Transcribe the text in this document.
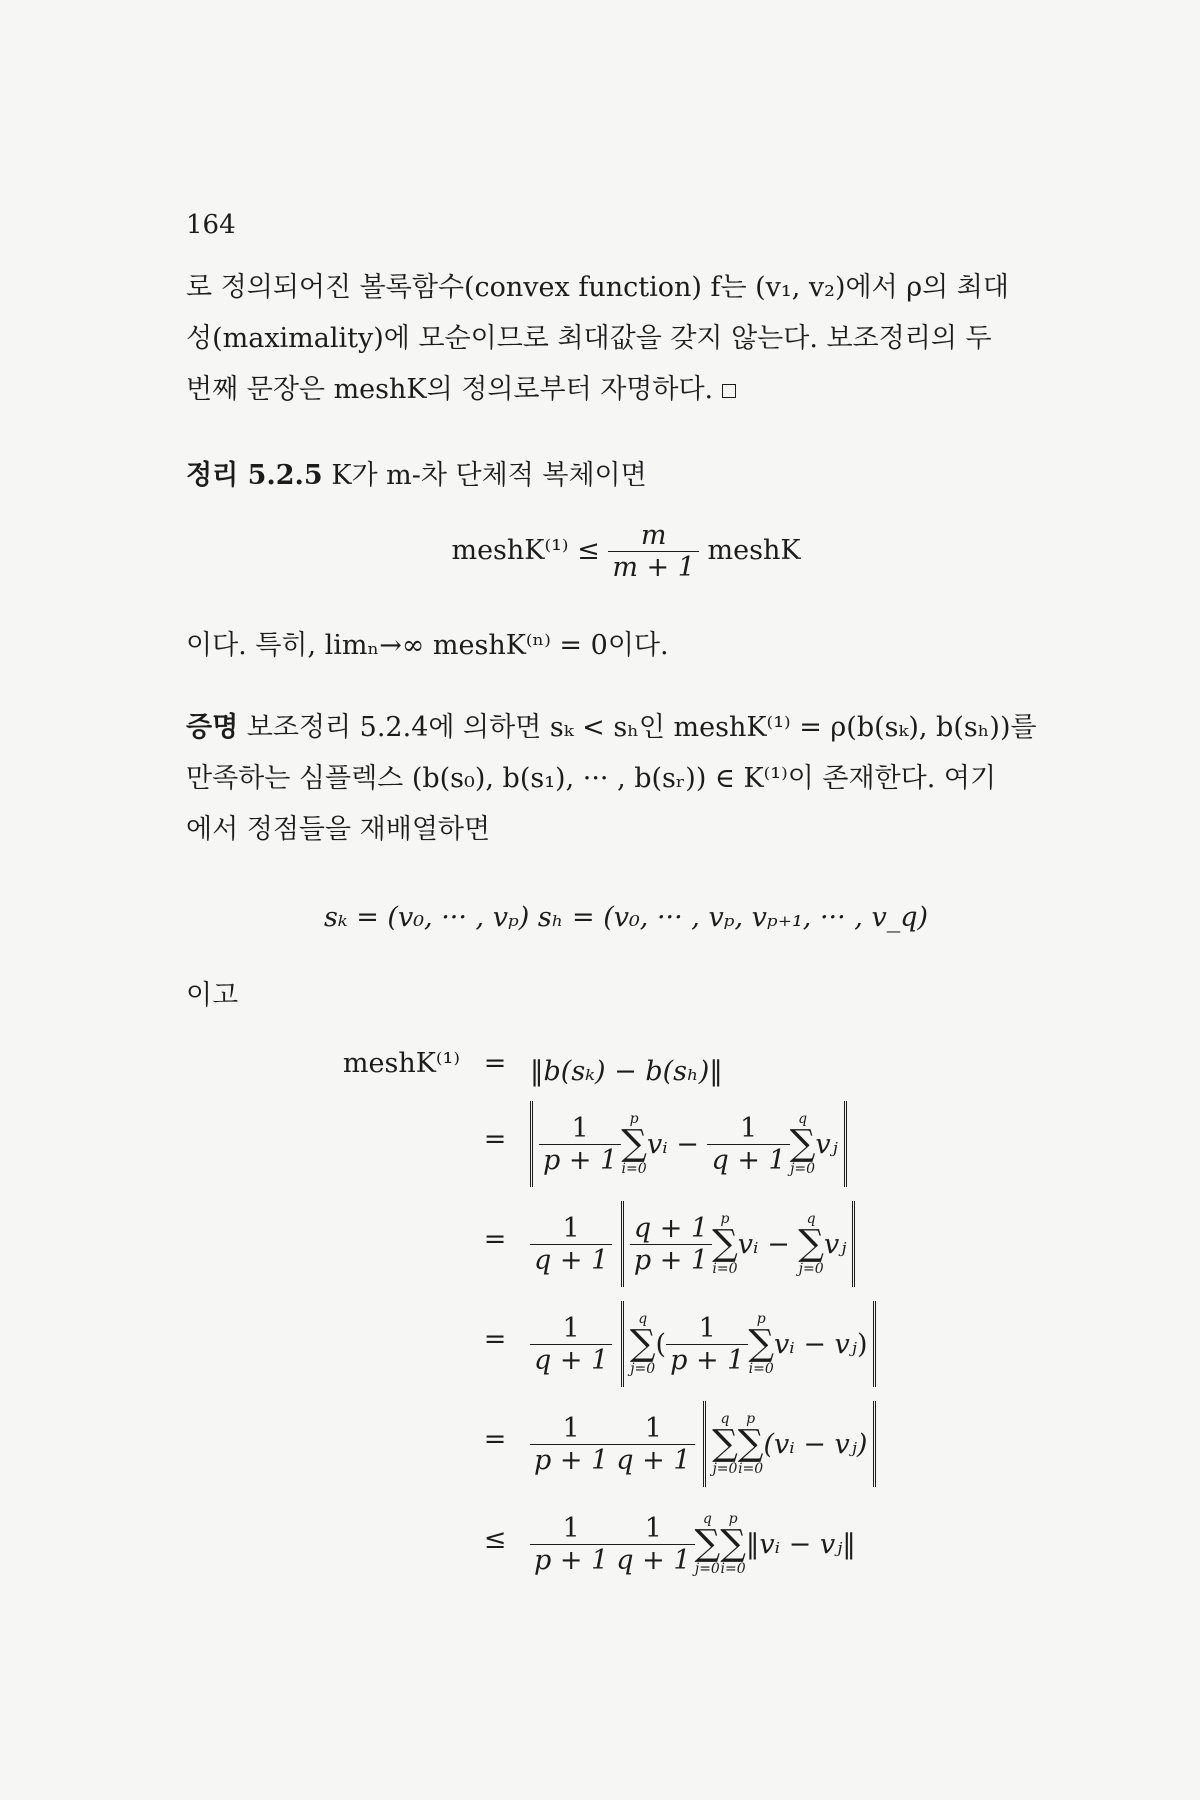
164

로 정의되어진 볼록함수(convex function) f는 (v₁, v₂)에서 ρ의 최대
성(maximality)에 모순이므로 최대값을 갖지 않는다. 보조정리의 두
번째 문장은 meshK의 정의로부터 자명하다.

정리 5.2.5 K가 m-차 단체적 복체이면

meshK⁽¹⁾ ≤ $\frac{m}{m + 1}$ meshK

이다. 특히, limₙ→∞ meshK⁽ⁿ⁾ = 0이다.

증명 보조정리 5.2.4에 의하면 sₖ < sₕ인 meshK⁽¹⁾ = ρ(b(sₖ), b(sₕ))를
만족하는 심플렉스 (b(s₀), b(s₁), ··· , b(sᵣ)) ∈ K⁽¹⁾이 존재한다. 여기
에서 정점들을 재배열하면

sₖ = (v₀, ··· , vₚ) sₕ = (v₀, ··· , vₚ, vₚ₊₁, ··· , v_q)

이고

meshK⁽¹⁾ = ‖b(sₖ) − b(sₕ)‖
=	$\frac{1}{p + 1}$ p
∑
i=0
vᵢ
−
$\frac{1}{q + 1}$ q
∑
j=0
vⱼ
= $\frac{1}{q + 1}$
$\frac{q + 1}{p + 1}$ p
∑
i=0
vᵢ
−

q
∑
j=0
vⱼ
= $\frac{1}{q + 1}$
q
∑
j=0
( $\frac{1}{p + 1}$ p
∑
i=0
vᵢ
−
vⱼ )
= $\frac{1}{p + 1} \frac{1}{q + 1}$
q
∑
j=0
p
∑
i=0
(vᵢ − vⱼ)
≤ $\frac{1}{p + 1} \frac{1}{q + 1}$ q
∑
j=0
p
∑
i=0
‖vᵢ − vⱼ‖
